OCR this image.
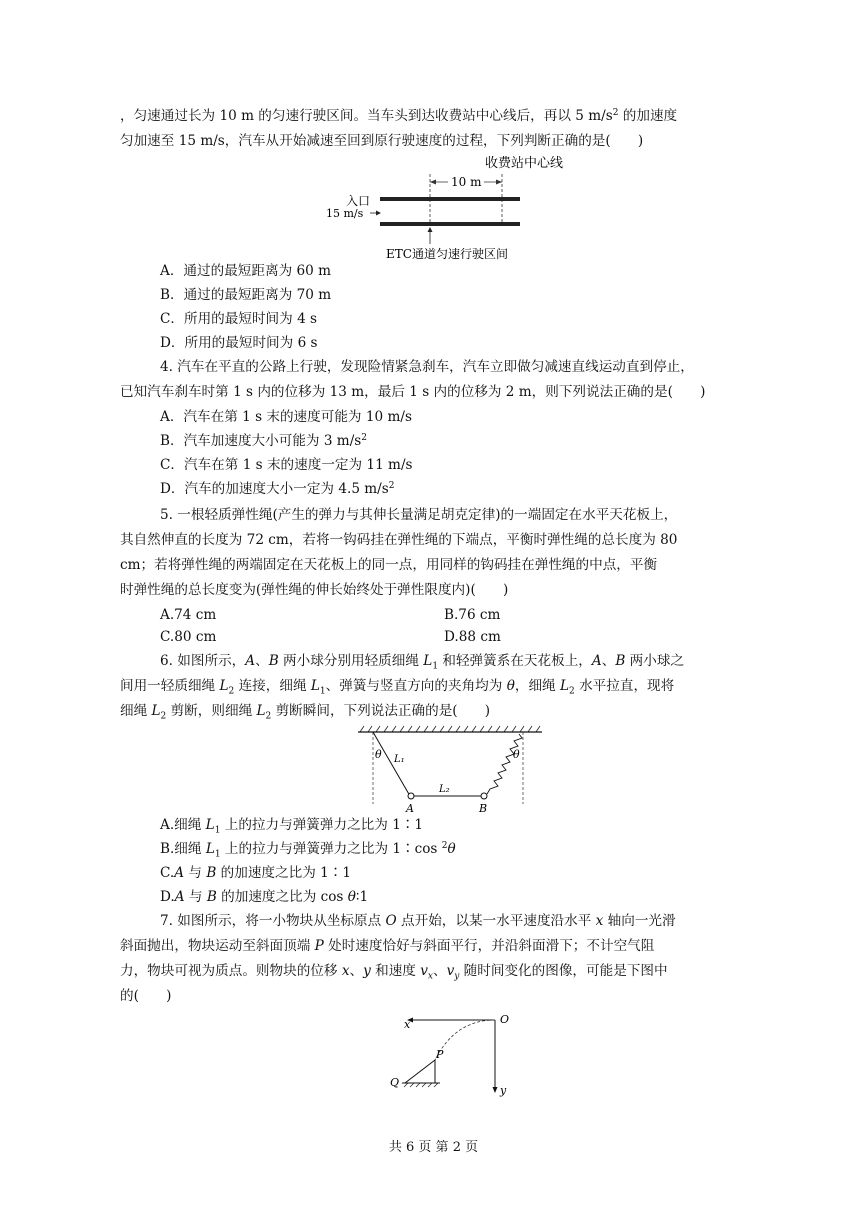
，匀速通过长为 10 m 的匀速行驶区间。当车头到达收费站中心线后，再以 5 $m/s^2$ 的加速度
匀加速至 15 m/s，汽车从开始减速至回到原行驶速度的过程，下列判断正确的是(　　)
收费站中心线
10 m
入口
15 m/s
ETC通道匀速行驶区间
A．通过的最短距离为 60 m
B．通过的最短距离为 70 m
C．所用的最短时间为 4 s
D．所用的最短时间为 6 s
4. 汽车在平直的公路上行驶，发现险情紧急刹车，汽车立即做匀减速直线运动直到停止，
已知汽车刹车时第 1 s 内的位移为 13 m，最后 1 s 内的位移为 2 m，则下列说法正确的是(　　)
A．汽车在第 1 s 末的速度可能为 10 m/s
B．汽车加速度大小可能为 3 $m/s^2$
C．汽车在第 1 s 末的速度一定为 11 m/s
D．汽车的加速度大小一定为 4.5 $m/s^2$
5. 一根轻质弹性绳(产生的弹力与其伸长量满足胡克定律)的一端固定在水平天花板上，
其自然伸直的长度为 72 cm，若将一钩码挂在弹性绳的下端点，平衡时弹性绳的总长度为 80
cm；若将弹性绳的两端固定在天花板上的同一点，用同样的钩码挂在弹性绳的中点，平衡
时弹性绳的总长度变为(弹性绳的伸长始终处于弹性限度内)(　　)
A.74 cm	B.76 cm
C.80 cm	D.88 cm
6. 如图所示，A、B 两小球分别用轻质细绳 $L_1$ 和轻弹簧系在天花板上，A、B 两小球之
间用一轻质细绳 $L_2$ 连接，细绳 $L_1$、弹簧与竖直方向的夹角均为 θ，细绳 $L_2$ 水平拉直，现将
细绳 $L_2$ 剪断，则细绳 $L_2$ 剪断瞬间，下列说法正确的是(　　)
θ	θ
L₁
L₂
A	B
A.细绳 $L_1$ 上的拉力与弹簧弹力之比为 1∶1
B.细绳 $L_1$ 上的拉力与弹簧弹力之比为 1∶cos $^2$θ
C.A 与 B 的加速度之比为 1∶1
D.A 与 B 的加速度之比为 cos θ∶1
7. 如图所示，将一小物块从坐标原点 O 点开始，以某一水平速度沿水平 x 轴向一光滑
斜面抛出，物块运动至斜面顶端 P 处时速度恰好与斜面平行，并沿斜面滑下；不计空气阻
力，物块可视为质点。则物块的位移 x、y 和速度 $v_x$、$v_y$ 随时间变化的图像，可能是下图中
的(　　)
x	O
P
Q
y
共 6 页 第 2 页
